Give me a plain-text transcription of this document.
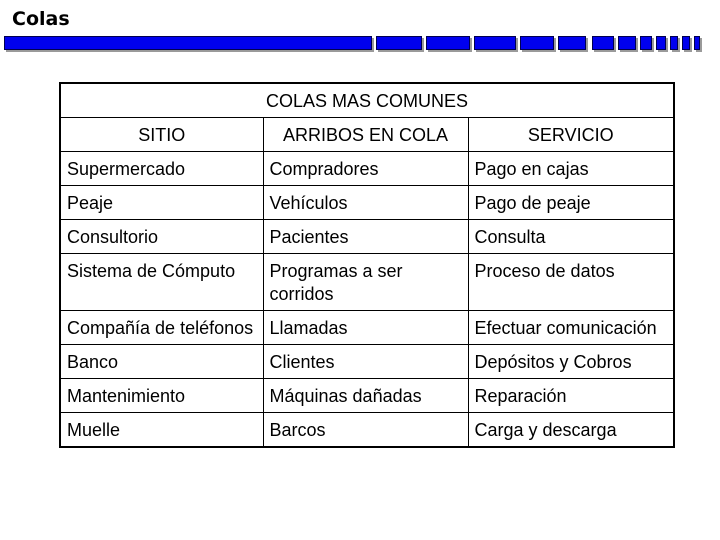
Colas
COLAS MAS COMUNES		
SITIO	ARRIBOS EN COLA	SERVICIO
Supermercado	Compradores	Pago en cajas
Peaje	Vehículos	Pago de peaje
Consultorio	Pacientes	Consulta
Sistema de Cómputo	Programas a ser corridos	Proceso de datos
Compañía de teléfonos	Llamadas	Efectuar comunicación
Banco	Clientes	Depósitos y Cobros
Mantenimiento	Máquinas dañadas	Reparación
Muelle	Barcos	Carga y descarga
